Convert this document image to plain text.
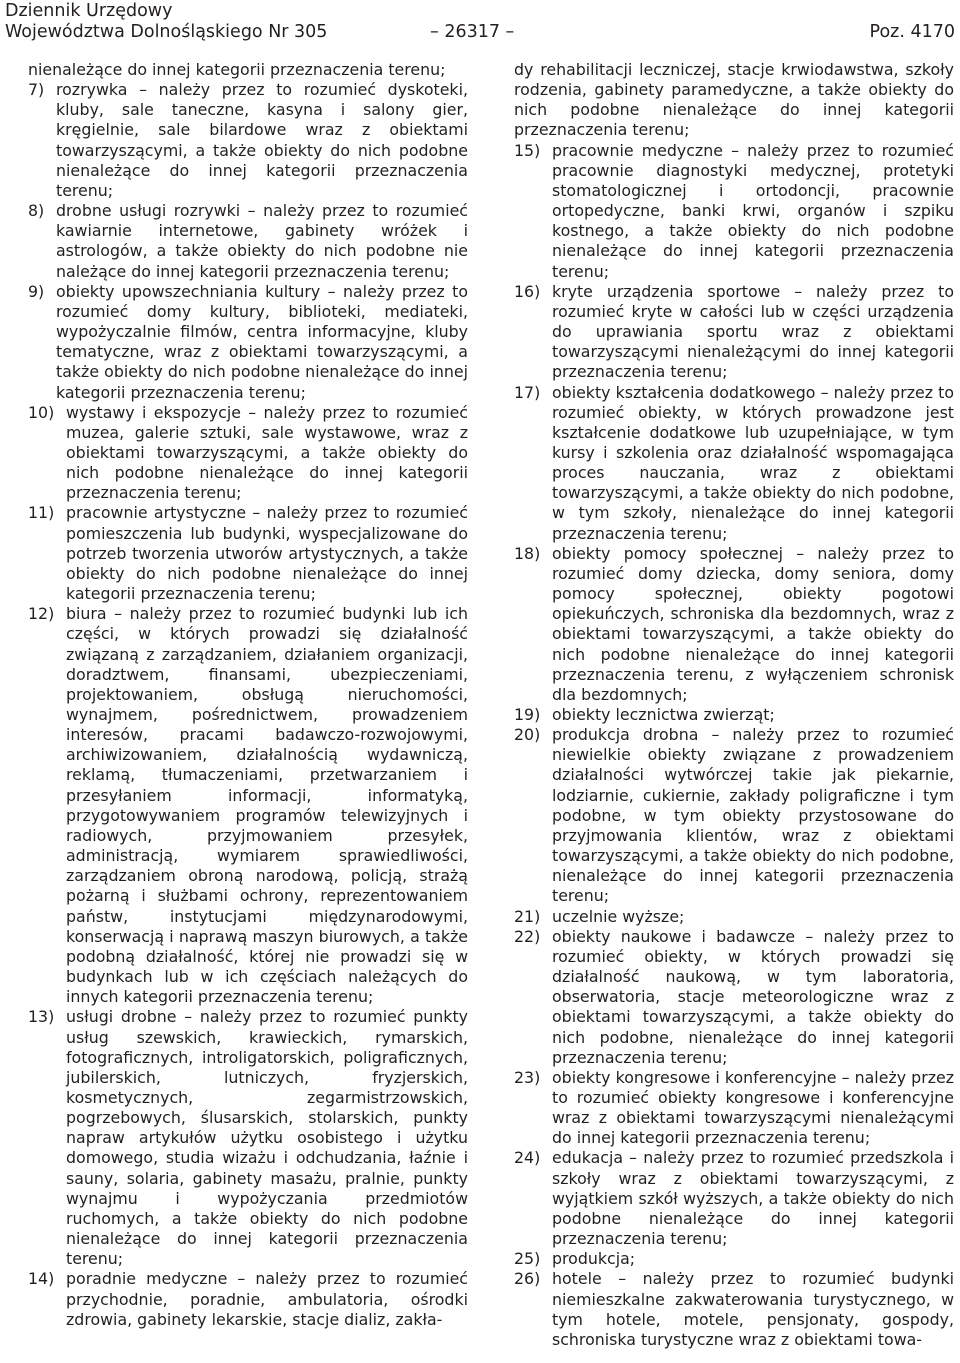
Dziennik Urzędowy
Województwa Dolnośląskiego Nr 305	– 26317 –	Poz. 4170

nienależące do innej kategorii przeznaczenia terenu;

7) rozrywka – należy przez to rozumieć dyskoteki, kluby, sale taneczne, kasyna i salony gier, kręgielnie, sale bilardowe wraz z obiektami towarzyszącymi, a także obiekty do nich podobne nienależące do innej kategorii przeznaczenia terenu;

8) drobne usługi rozrywki – należy przez to rozumieć kawiarnie internetowe, gabinety wróżek i astrologów, a także obiekty do nich podobne nie należące do innej kategorii przeznaczenia terenu;

9) obiekty upowszechniania kultury – należy przez to rozumieć domy kultury, biblioteki, mediateki, wypożyczalnie filmów, centra informacyjne, kluby tematyczne, wraz z obiektami towarzyszącymi, a także obiekty do nich podobne nienależące do innej kategorii przeznaczenia terenu;

10) wystawy i ekspozycje – należy przez to rozumieć muzea, galerie sztuki, sale wystawowe, wraz z obiektami towarzyszącymi, a także obiekty do nich podobne nienależące do innej kategorii przeznaczenia terenu;

11) pracownie artystyczne – należy przez to rozumieć pomieszczenia lub budynki, wyspecjalizowane do potrzeb tworzenia utworów artystycznych, a także obiekty do nich podobne nienależące do innej kategorii przeznaczenia terenu;

12) biura – należy przez to rozumieć budynki lub ich części, w których prowadzi się działalność związaną z zarządzaniem, działaniem organizacji, doradztwem, finansami, ubezpieczeniami, projektowaniem, obsługą nieruchomości, wynajmem, pośrednictwem, prowadzeniem interesów, pracami badawczo-rozwojowymi, archiwizowaniem, działalnością wydawniczą, reklamą, tłumaczeniami, przetwarzaniem i przesyłaniem informacji, informatyką, przygotowywaniem programów telewizyjnych i radiowych, przyjmowaniem przesyłek, administracją, wymiarem sprawiedliwości, zarządzaniem obroną narodową, policją, strażą pożarną i służbami ochrony, reprezentowaniem państw, instytucjami międzynarodowymi, konserwacją i naprawą maszyn biurowych, a także podobną działalność, której nie prowadzi się w budynkach lub w ich częściach należących do innych kategorii przeznaczenia terenu;

13) usługi drobne – należy przez to rozumieć punkty usług szewskich, krawieckich, rymarskich, fotograficznych, introligatorskich, poligraficznych, jubilerskich, lutniczych, fryzjerskich, kosmetycznych, zegarmistrzowskich, pogrzebowych, ślusarskich, stolarskich, punkty napraw artykułów użytku osobistego i użytku domowego, studia wizażu i odchudzania, łaźnie i sauny, solaria, gabinety masażu, pralnie, punkty wynajmu i wypożyczania przedmiotów ruchomych, a także obiekty do nich podobne nienależące do innej kategorii przeznaczenia terenu;

14) poradnie medyczne – należy przez to rozumieć przychodnie, poradnie, ambulatoria, ośrodki zdrowia, gabinety lekarskie, stacje dializ, zakła-

dy rehabilitacji leczniczej, stacje krwiodawstwa, szkoły rodzenia, gabinety paramedyczne, a także obiekty do nich podobne nienależące do innej kategorii przeznaczenia terenu;

15) pracownie medyczne – należy przez to rozumieć pracownie diagnostyki medycznej, protetyki stomatologicznej i ortodoncji, pracownie ortopedyczne, banki krwi, organów i szpiku kostnego, a także obiekty do nich podobne nienależące do innej kategorii przeznaczenia terenu;

16) kryte urządzenia sportowe – należy przez to rozumieć kryte w całości lub w części urządzenia do uprawiania sportu wraz z obiektami towarzyszącymi nienależącymi do innej kategorii przeznaczenia terenu;

17) obiekty kształcenia dodatkowego – należy przez to rozumieć obiekty, w których prowadzone jest kształcenie dodatkowe lub uzupełniające, w tym kursy i szkolenia oraz działalność wspomagająca proces nauczania, wraz z obiektami towarzyszącymi, a także obiekty do nich podobne, w tym szkoły, nienależące do innej kategorii przeznaczenia terenu;

18) obiekty pomocy społecznej – należy przez to rozumieć domy dziecka, domy seniora, domy pomocy społecznej, obiekty pogotowi opiekuńczych, schroniska dla bezdomnych, wraz z obiektami towarzyszącymi, a także obiekty do nich podobne nienależące do innej kategorii przeznaczenia terenu, z wyłączeniem schronisk dla bezdomnych;

19) obiekty lecznictwa zwierząt;

20) produkcja drobna – należy przez to rozumieć niewielkie obiekty związane z prowadzeniem działalności wytwórczej takie jak piekarnie, lodziarnie, cukiernie, zakłady poligraficzne i tym podobne, w tym obiekty przystosowane do przyjmowania klientów, wraz z obiektami towarzyszącymi, a także obiekty do nich podobne, nienależące do innej kategorii przeznaczenia terenu;

21) uczelnie wyższe;

22) obiekty naukowe i badawcze – należy przez to rozumieć obiekty, w których prowadzi się działalność naukową, w tym laboratoria, obserwatoria, stacje meteorologiczne wraz z obiektami towarzyszącymi, a także obiekty do nich podobne, nienależące do innej kategorii przeznaczenia terenu;

23) obiekty kongresowe i konferencyjne – należy przez to rozumieć obiekty kongresowe i konferencyjne wraz z obiektami towarzyszącymi nienależącymi do innej kategorii przeznaczenia terenu;

24) edukacja – należy przez to rozumieć przedszkola i szkoły wraz z obiektami towarzyszącymi, z wyjątkiem szkół wyższych, a także obiekty do nich podobne nienależące do innej kategorii przeznaczenia terenu;

25) produkcja;

26) hotele – należy przez to rozumieć budynki niemieszkalne zakwaterowania turystycznego, w tym hotele, motele, pensjonaty, gospody, schroniska turystyczne wraz z obiektami towa-
